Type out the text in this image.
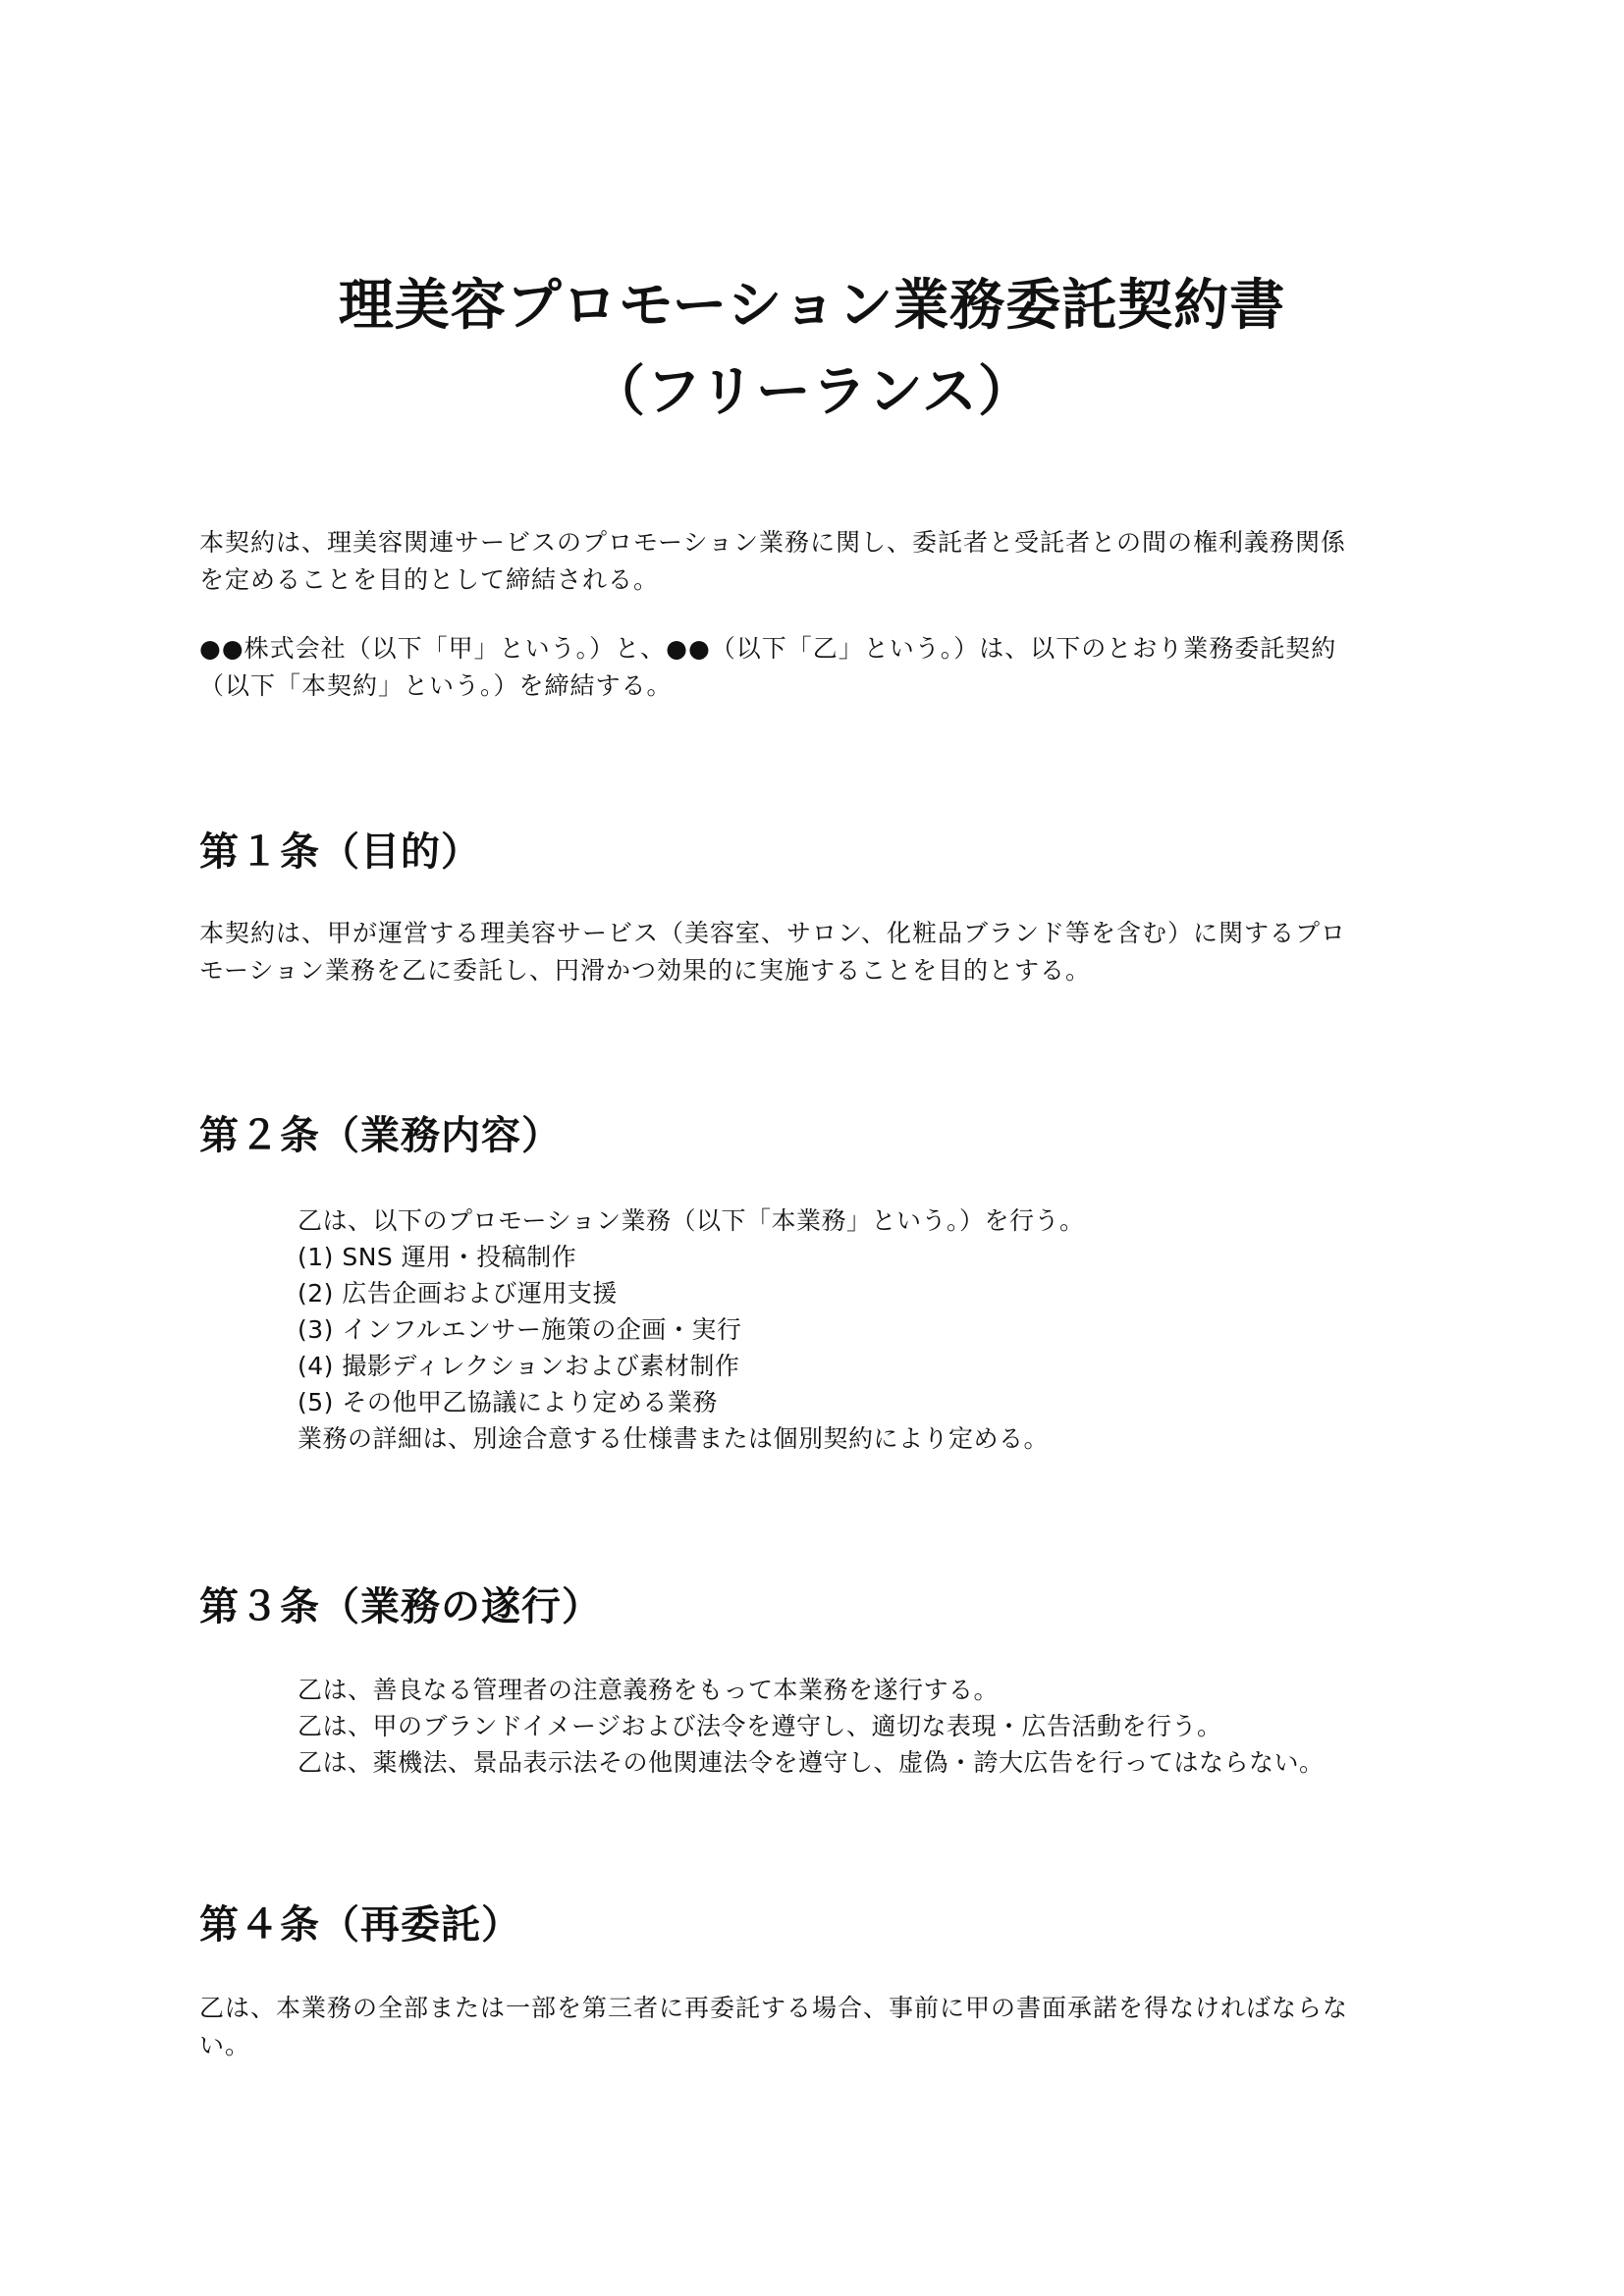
理美容プロモーション業務委託契約書
（フリーランス）
本契約は、理美容関連サービスのプロモーション業務に関し、委託者と受託者との間の権利義務関係
を定めることを目的として締結される。
●●株式会社（以下「甲」という。）と、●●（以下「乙」という。）は、以下のとおり業務委託契約
（以下「本契約」という。）を締結する。
第１条（目的）
本契約は、甲が運営する理美容サービス（美容室、サロン、化粧品ブランド等を含む）に関するプロ
モーション業務を乙に委託し、円滑かつ効果的に実施することを目的とする。
第２条（業務内容）
乙は、以下のプロモーション業務（以下「本業務」という。）を行う。
(1) SNS 運用・投稿制作
(2) 広告企画および運用支援
(3) インフルエンサー施策の企画・実行
(4) 撮影ディレクションおよび素材制作
(5) その他甲乙協議により定める業務
業務の詳細は、別途合意する仕様書または個別契約により定める。
第３条（業務の遂行）
乙は、善良なる管理者の注意義務をもって本業務を遂行する。
乙は、甲のブランドイメージおよび法令を遵守し、適切な表現・広告活動を行う。
乙は、薬機法、景品表示法その他関連法令を遵守し、虚偽・誇大広告を行ってはならない。
第４条（再委託）
乙は、本業務の全部または一部を第三者に再委託する場合、事前に甲の書面承諾を得なければならな
い。
